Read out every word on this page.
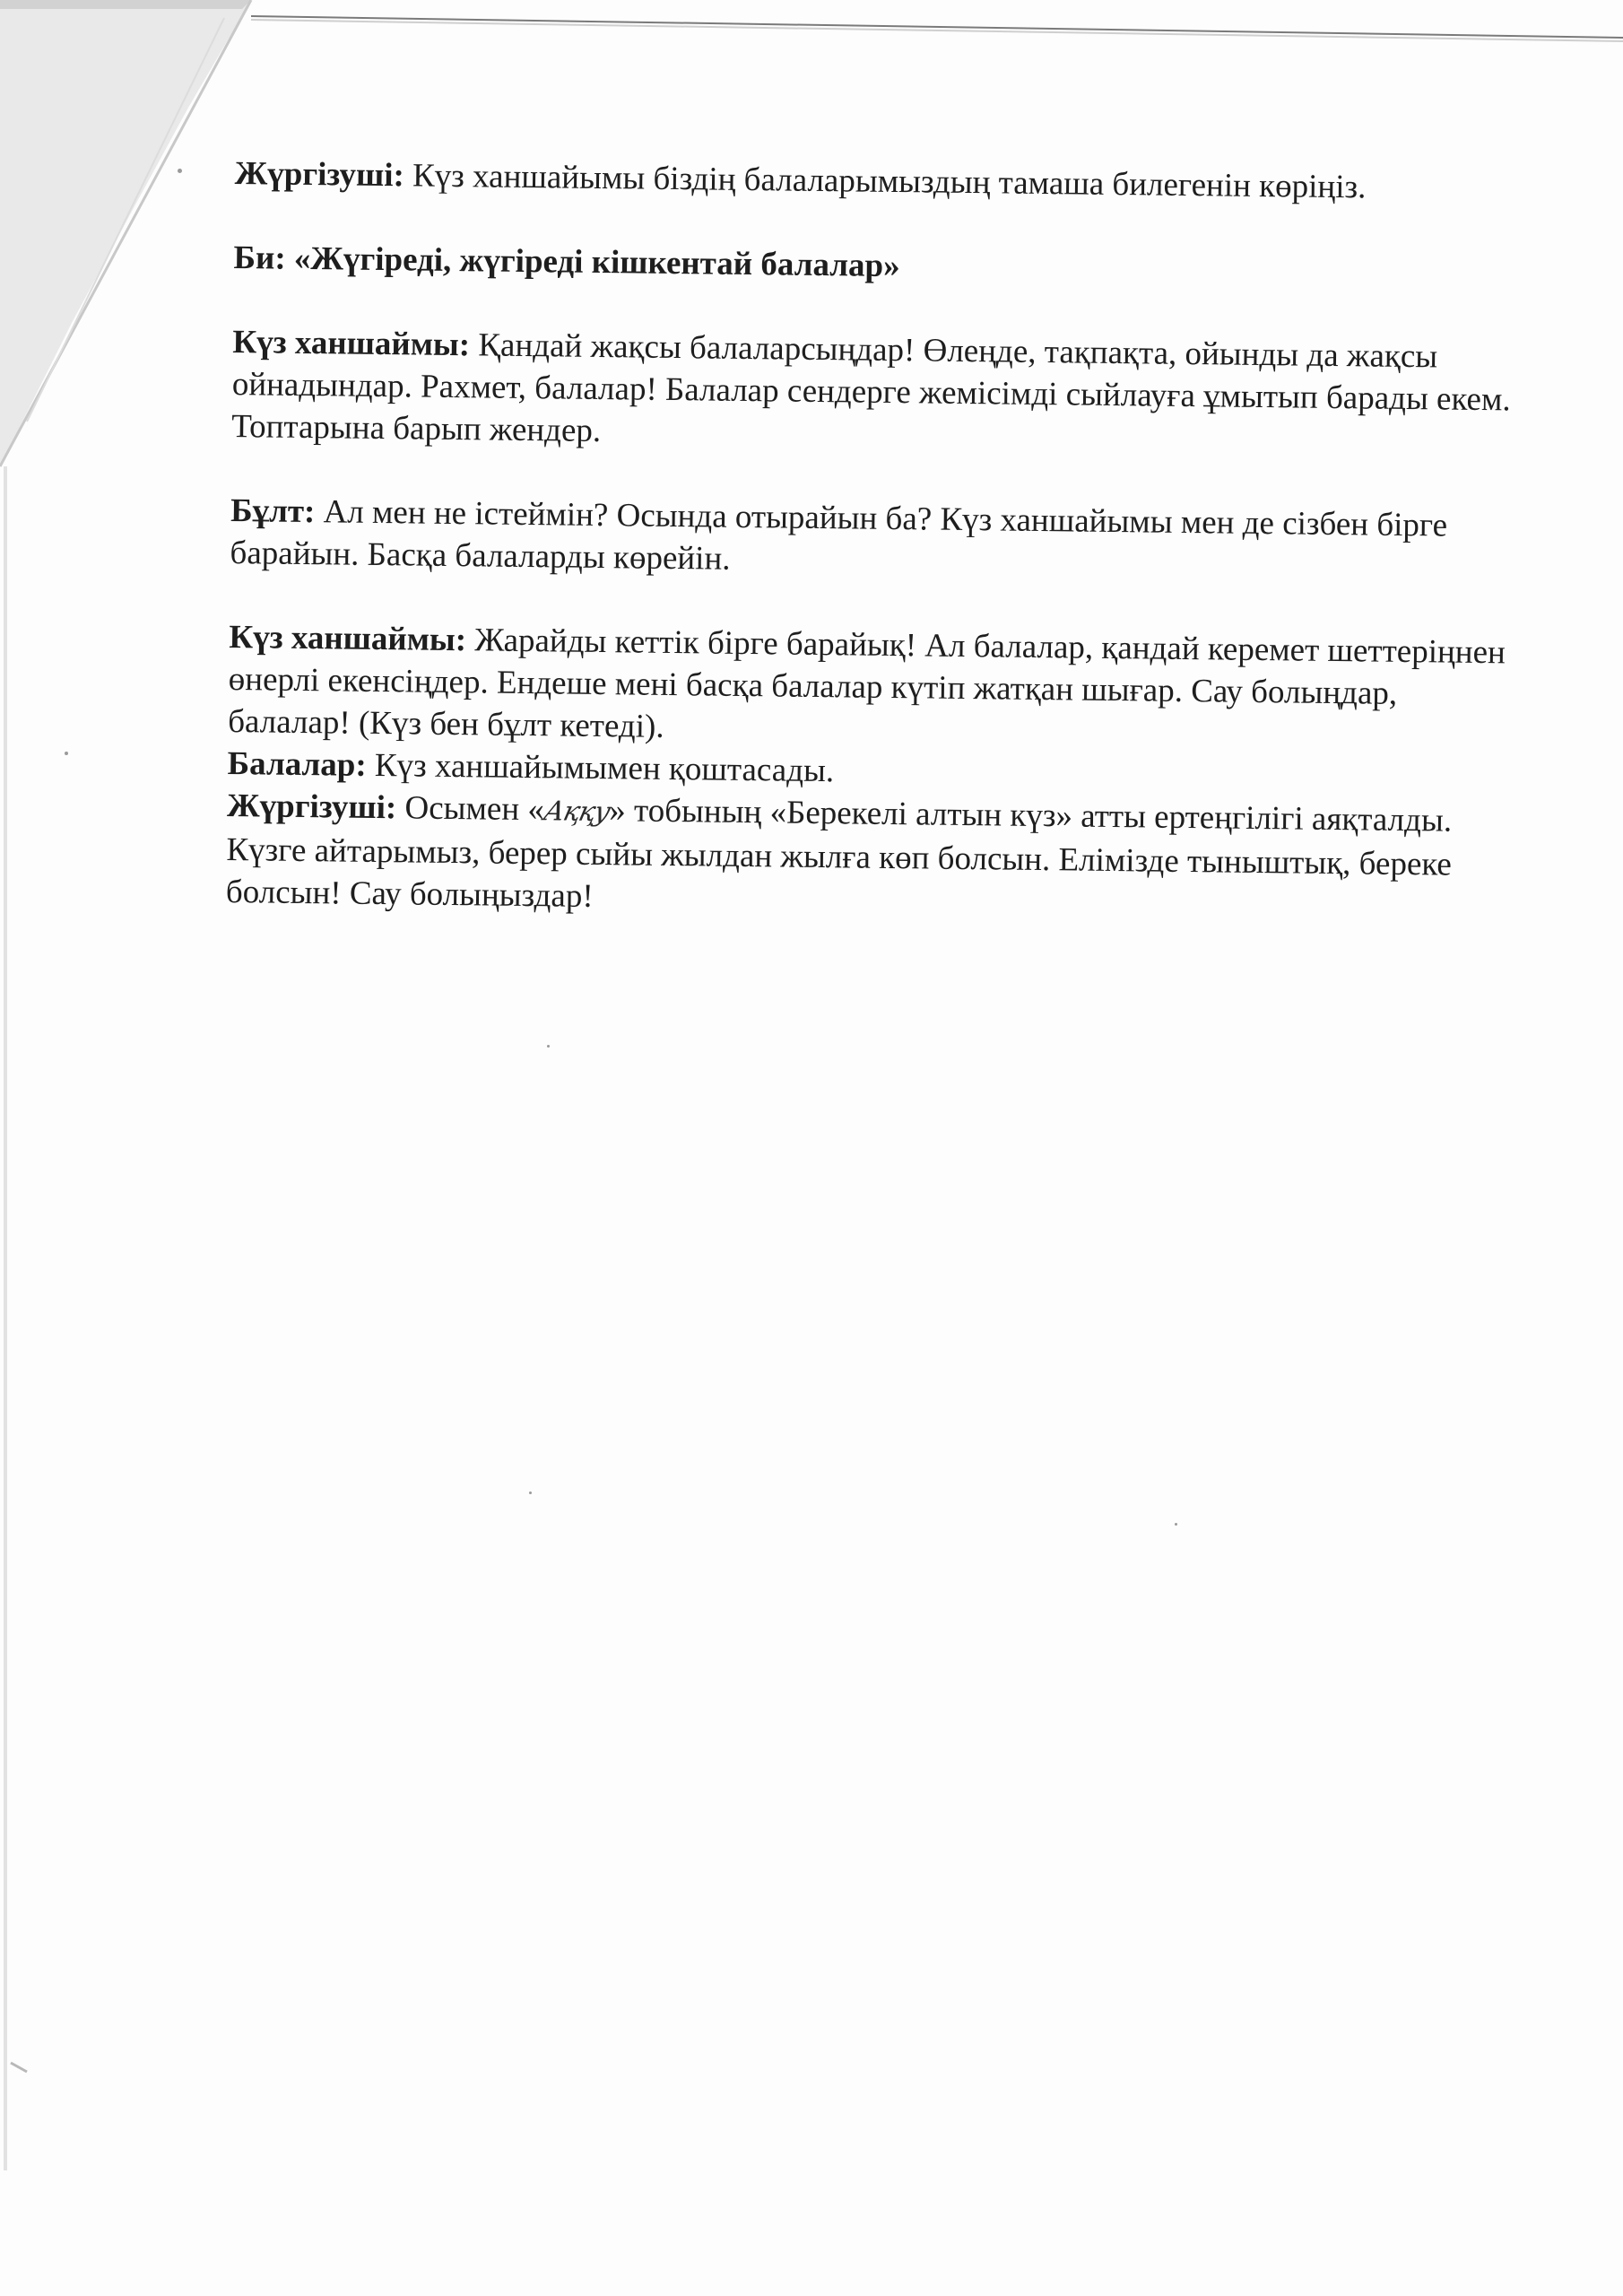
Жүргізуші: Күз ханшайымы біздің балаларымыздың тамаша билегенін көріңіз.

Би: «Жүгіреді, жүгіреді кішкентай балалар»

Күз ханшаймы: Қандай жақсы балаларсыңдар! Өлеңде, тақпақта, ойынды да жақсы ойнадындар. Рахмет, балалар! Балалар сендерге жемісімді сыйлауға ұмытып барады екем. Топтарына барып жендер.

Бұлт: Ал мен не істеймін? Осында отырайын ба? Күз ханшайымы мен де сізбен бірге барайын. Басқа балаларды көрейін.

Күз ханшаймы: Жарайды кеттік бірге барайық! Ал балалар, қандай керемет шеттеріңнен өнерлі екенсіңдер. Ендеше мені басқа балалар күтіп жатқан шығар. Сау болыңдар, балалар! (Күз бен бұлт кетеді).

Балалар: Күз ханшайымымен қоштасады.

Жүргізуші: Осымен «Аққу» тобының «Берекелі алтын күз» атты ертеңгілігі аяқталды. Күзге айтарымыз, берер сыйы жылдан жылға көп болсын. Елімізде тыныштық, береке болсын! Сау болыңыздар!
